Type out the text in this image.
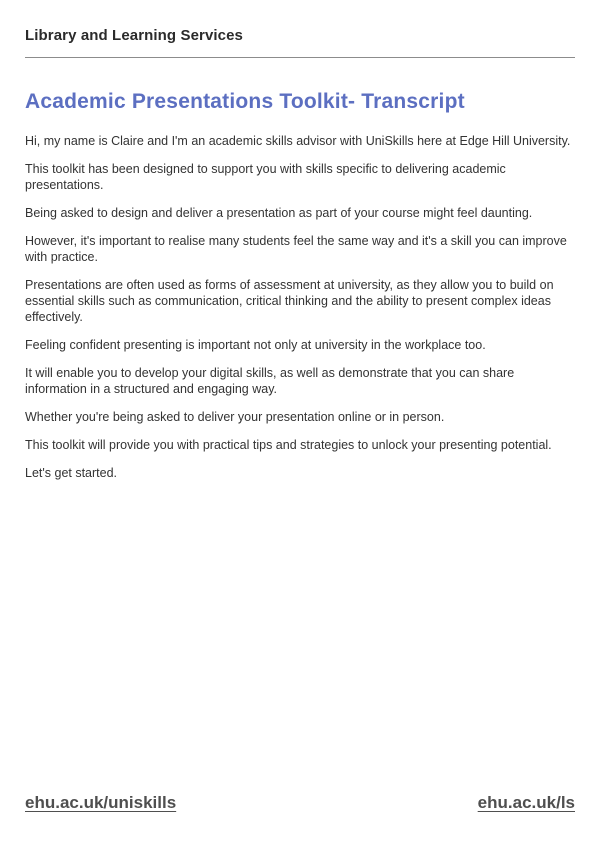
Library and Learning Services
Academic Presentations Toolkit- Transcript

Hi, my name is Claire and I'm an academic skills advisor with UniSkills here at Edge Hill University.

This toolkit has been designed to support you with skills specific to delivering academic presentations.

Being asked to design and deliver a presentation as part of your course might feel daunting.

However, it's important to realise many students feel the same way and it's a skill you can improve with practice.

Presentations are often used as forms of assessment at university, as they allow you to build on essential skills such as communication, critical thinking and the ability to present complex ideas effectively.

Feeling confident presenting is important not only at university in the workplace too.

It will enable you to develop your digital skills, as well as demonstrate that you can share information in a structured and engaging way.

Whether you're being asked to deliver your presentation online or in person.

This toolkit will provide you with practical tips and strategies to unlock your presenting potential.

Let's get started.

ehu.ac.uk/uniskills	ehu.ac.uk/ls
